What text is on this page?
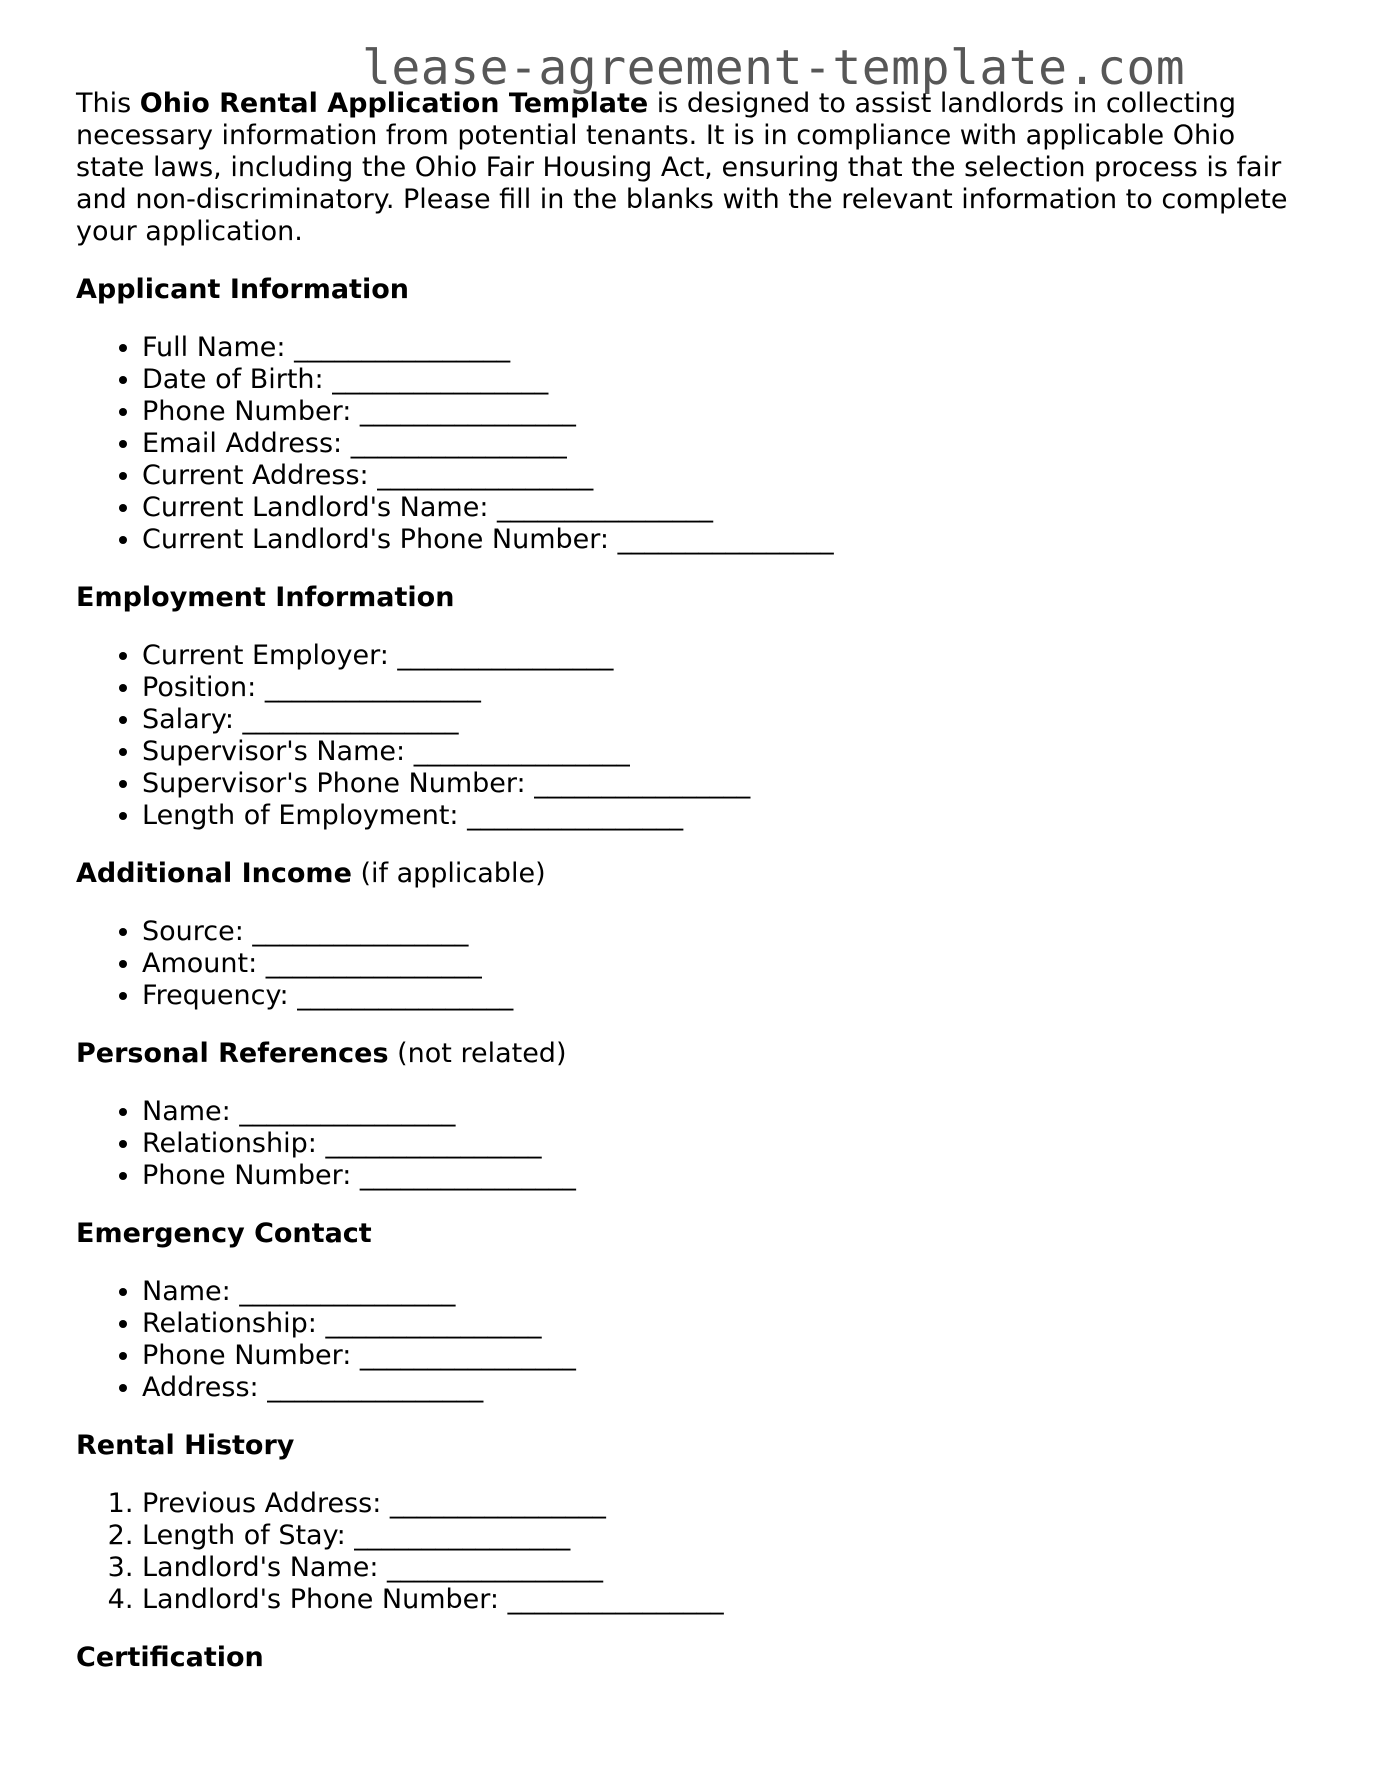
lease-agreement-template.com

This Ohio Rental Application Template is designed to assist landlords in collecting necessary information from potential tenants. It is in compliance with applicable Ohio state laws, including the Ohio Fair Housing Act, ensuring that the selection process is fair and non-discriminatory. Please fill in the blanks with the relevant information to complete your application.

Applicant Information
• Full Name: ________________
• Date of Birth: ________________
• Phone Number: ________________
• Email Address: ________________
• Current Address: ________________
• Current Landlord's Name: ________________
• Current Landlord's Phone Number: ________________
Employment Information
• Current Employer: ________________
• Position: ________________
• Salary: ________________
• Supervisor's Name: ________________
• Supervisor's Phone Number: ________________
• Length of Employment: ________________
Additional Income (if applicable)
• Source: ________________
• Amount: ________________
• Frequency: ________________
Personal References (not related)
• Name: ________________
• Relationship: ________________
• Phone Number: ________________
Emergency Contact
• Name: ________________
• Relationship: ________________
• Phone Number: ________________
• Address: ________________
Rental History
1. Previous Address: ________________
2. Length of Stay: ________________
3. Landlord's Name: ________________
4. Landlord's Phone Number: ________________
Certification
